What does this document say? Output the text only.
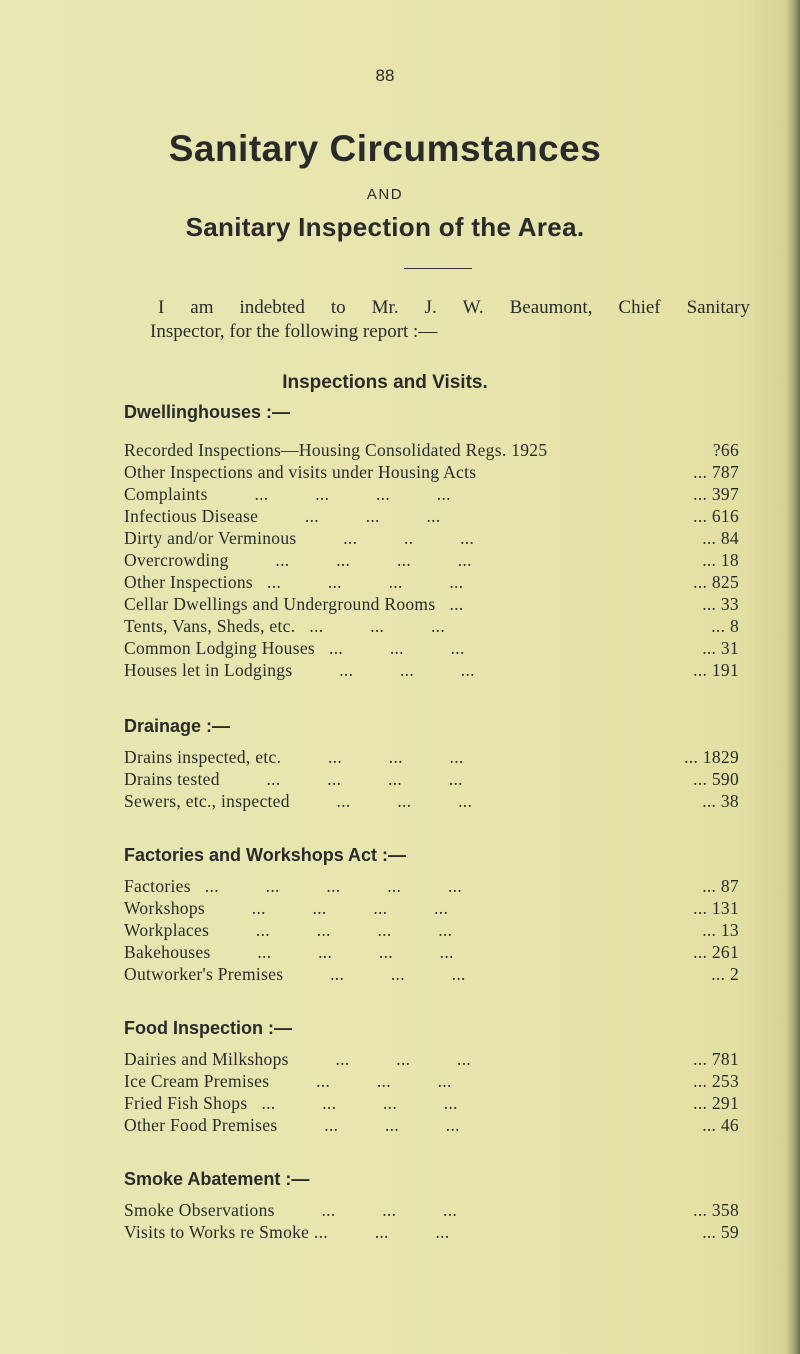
88
Sanitary Circumstances
AND
Sanitary Inspection of the Area.
I am indebted to Mr. J. W. Beaumont, Chief Sanitary
Inspector, for the following report :—
Inspections and Visits.
Dwellinghouses :—
Recorded Inspections—Housing Consolidated Regs. 1925	?66
Other Inspections and visits under Housing Acts	... 787
Complaints          ...          ...          ...          ...	... 397
Infectious Disease          ...          ...          ...	... 616
Dirty and/or Verminous          ...          ..          ...	... 84
Overcrowding          ...          ...          ...          ...	... 18
Other Inspections   ...          ...          ...          ...	... 825
Cellar Dwellings and Underground Rooms   ...	... 33
Tents, Vans, Sheds, etc.   ...          ...          ...	... 8
Common Lodging Houses   ...          ...          ...	... 31
Houses let in Lodgings          ...          ...          ...	... 191
Drainage :—
Drains inspected, etc.          ...          ...          ...	... 1829
Drains tested          ...          ...          ...          ...	... 590
Sewers, etc., inspected          ...          ...          ...	... 38
Factories and Workshops Act :—
Factories   ...          ...          ...          ...          ...	... 87
Workshops          ...          ...          ...          ...	... 131
Workplaces          ...          ...          ...          ...	... 13
Bakehouses          ...          ...          ...          ...	... 261
Outworker's Premises          ...          ...          ...	... 2
Food Inspection :—
Dairies and Milkshops          ...          ...          ...	... 781
Ice Cream Premises          ...          ...          ...	... 253
Fried Fish Shops   ...          ...          ...          ...	... 291
Other Food Premises          ...          ...          ...	... 46
Smoke Abatement :—
Smoke Observations          ...          ...          ...	... 358
Visits to Works re Smoke ...          ...          ...	... 59
